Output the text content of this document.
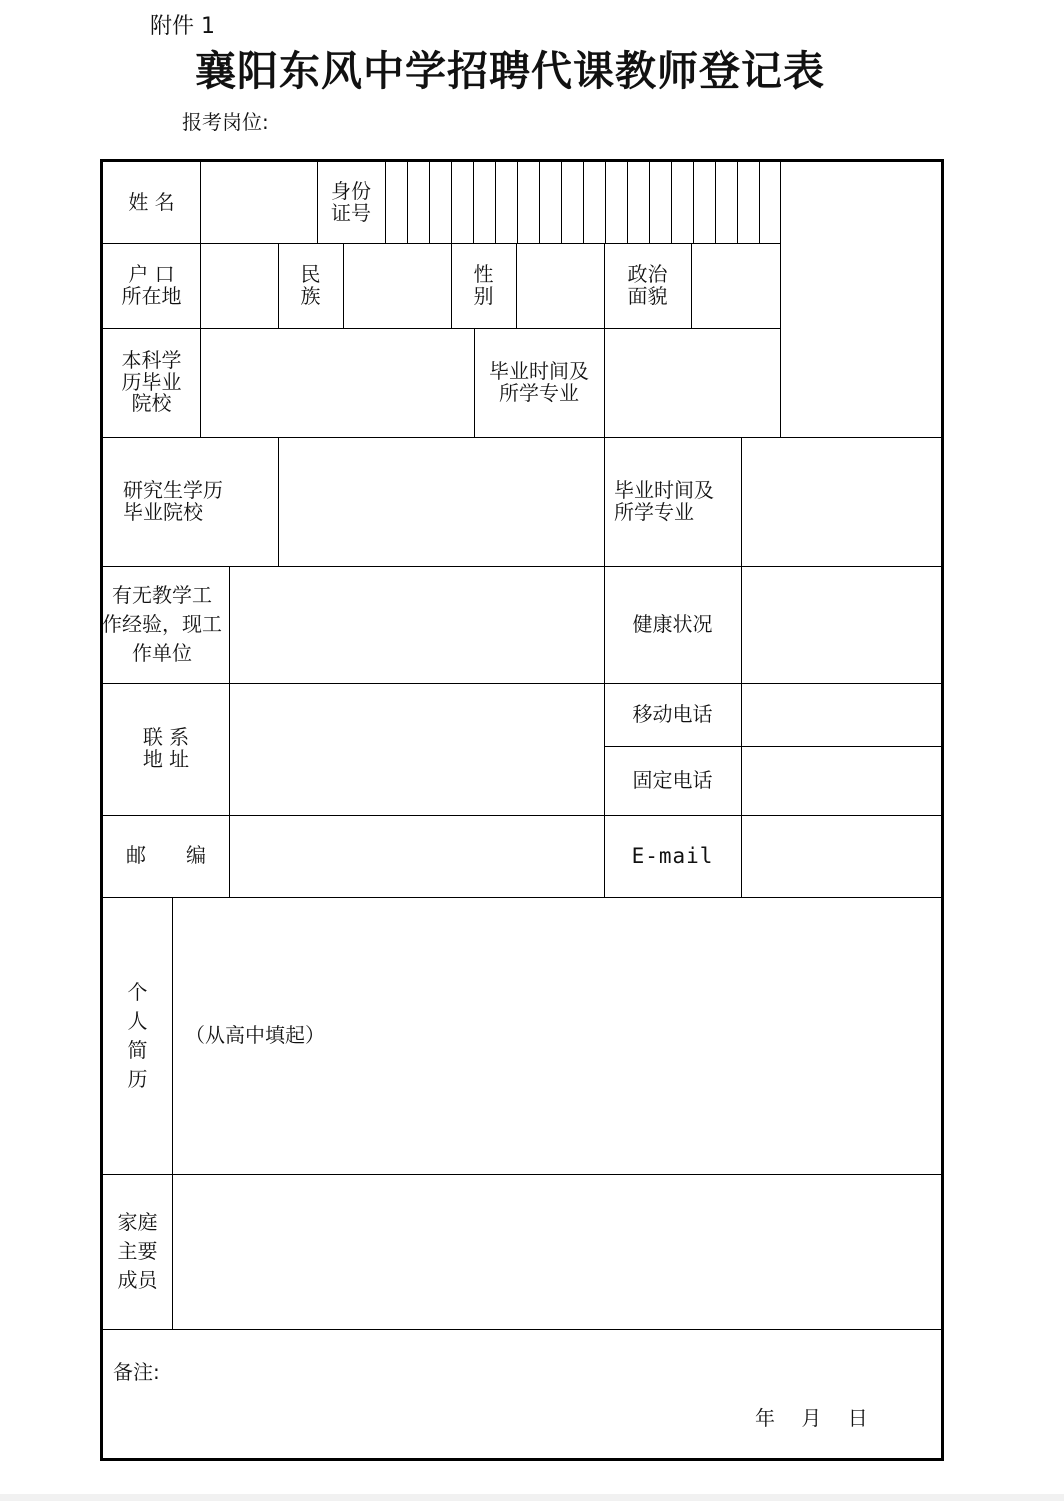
附件 1
襄阳东风中学招聘代课教师登记表
报考岗位:
姓 名	身份
证号
户 口
所在地
民
族
性
别
政治
面貌
本科学
历毕业
院校
毕业时间及
所学专业
研究生学历
毕业院校
毕业时间及
所学专业
有无教学工
作经验，现工
作单位
健康状况
联 系
地 址
移动电话
固定电话
邮　　编	E-mail
个
人
简
历
（从高中填起）
家庭
主要
成员
备注:
年　 月 　日
